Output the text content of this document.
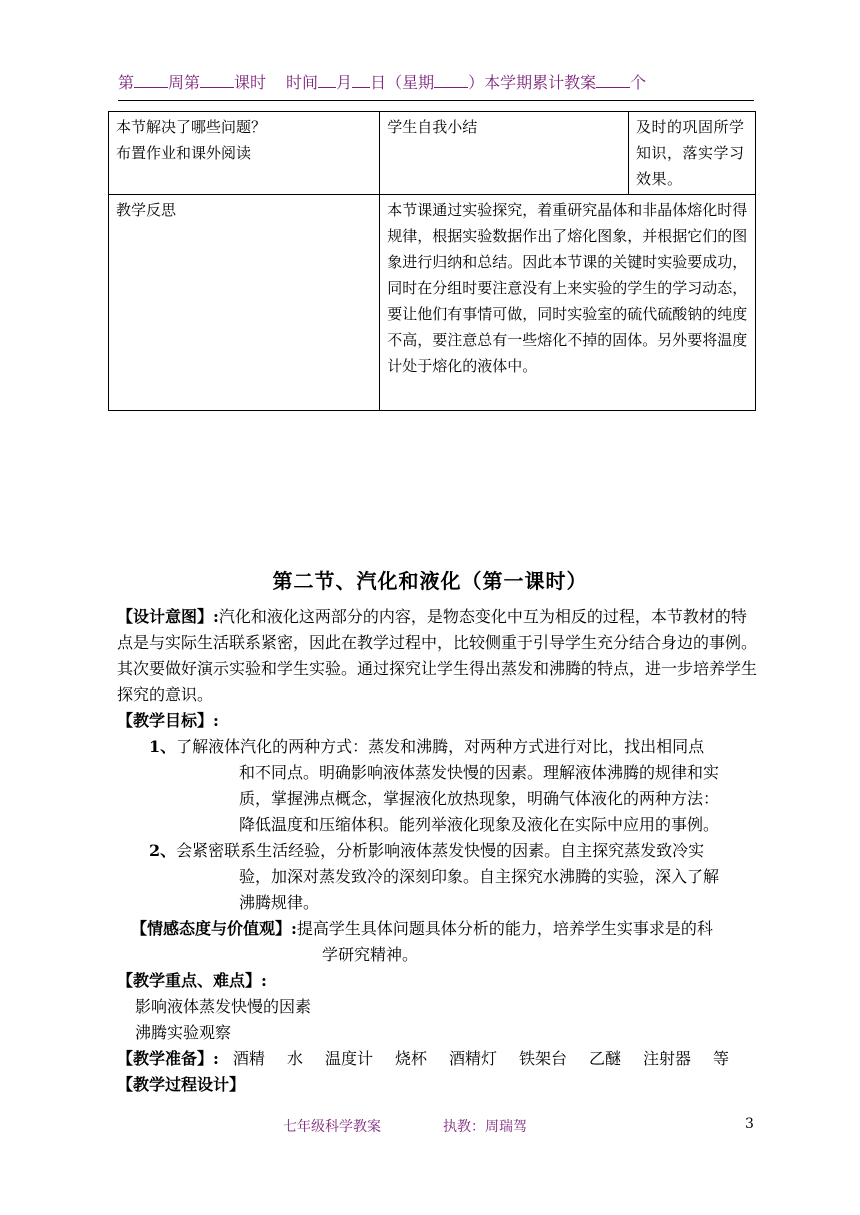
第 周第 课时 时间 月 日（星期 ）本学期累计教案 个
本节解决了哪些问题？
布置作业和课外阅读	学生自我小结	及时的巩固所学知识，落实学习效果。
教学反思	本节课通过实验探究，着重研究晶体和非晶体熔化时得规律，根据实验数据作出了熔化图象，并根据它们的图象进行归纳和总结。因此本节课的关键时实验要成功，同时在分组时要注意没有上来实验的学生的学习动态，要让他们有事情可做，同时实验室的硫代硫酸钠的纯度不高，要注意总有一些熔化不掉的固体。另外要将温度计处于熔化的液体中。	
第二节、汽化和液化（第一课时）

【设计意图】:汽化和液化这两部分的内容，是物态变化中互为相反的过程，本节教材的特点是与实际生活联系紧密，因此在教学过程中，比较侧重于引导学生充分结合身边的事例。其次要做好演示实验和学生实验。通过探究让学生得出蒸发和沸腾的特点，进一步培养学生探究的意识。

【教学目标】:

1、了解液体汽化的两种方式：蒸发和沸腾，对两种方式进行对比，找出相同点

和不同点。明确影响液体蒸发快慢的因素。理解液体沸腾的规律和实

质，掌握沸点概念，掌握液化放热现象，明确气体液化的两种方法：

降低温度和压缩体积。能列举液化现象及液化在实际中应用的事例。

2、会紧密联系生活经验，分析影响液体蒸发快慢的因素。自主探究蒸发致冷实

验，加深对蒸发致冷的深刻印象。自主探究水沸腾的实验，深入了解

沸腾规律。

【情感态度与价值观】:提高学生具体问题具体分析的能力，培养学生实事求是的科

学研究精神。

【教学重点、难点】:

影响液体蒸发快慢的因素

沸腾实验观察

【教学准备】: 酒精 水 温度计 烧杯 酒精灯 铁架台 乙醚 注射器 等

【教学过程设计】

七年级科学教案	执教：周瑞驾	3
